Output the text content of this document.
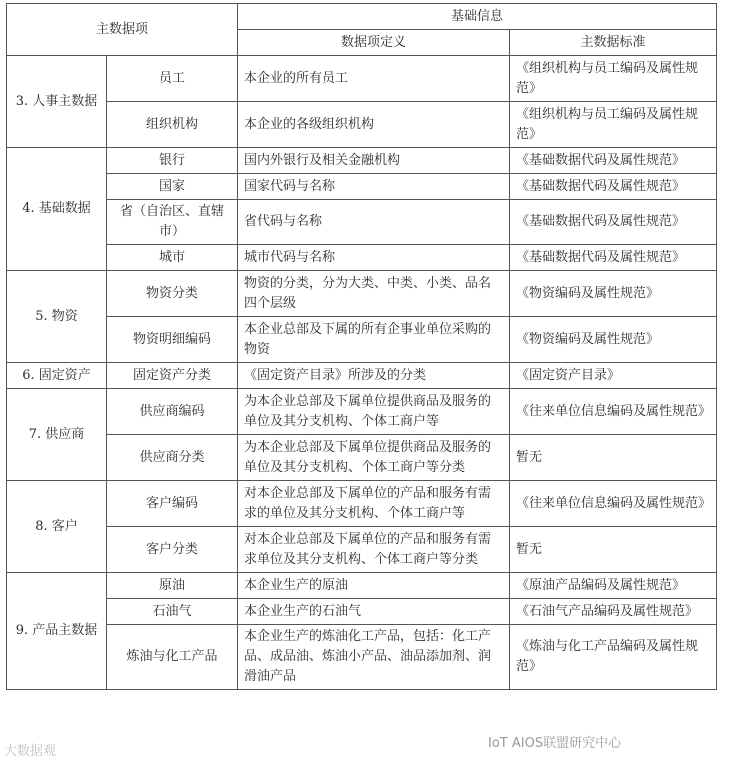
主数据项		基础信息	
		数据项定义	主数据标准
3. 人事主数据	员工	本企业的所有员工	《组织机构与员工编码及属性规范》
	组织机构	本企业的各级组织机构	《组织机构与员工编码及属性规范》
4. 基础数据	银行	国内外银行及相关金融机构	《基础数据代码及属性规范》
	国家	国家代码与名称	《基础数据代码及属性规范》
	省（自治区、直辖市）	省代码与名称	《基础数据代码及属性规范》
	城市	城市代码与名称	《基础数据代码及属性规范》
5. 物资	物资分类	物资的分类，分为大类、中类、小类、品名四个层级	《物资编码及属性规范》
	物资明细编码	本企业总部及下属的所有企事业单位采购的物资	《物资编码及属性规范》
6. 固定资产	固定资产分类	《固定资产目录》所涉及的分类	《固定资产目录》
7. 供应商	供应商编码	为本企业总部及下属单位提供商品及服务的单位及其分支机构、个体工商户等	《往来单位信息编码及属性规范》
	供应商分类	为本企业总部及下属单位提供商品及服务的单位及其分支机构、个体工商户等分类	暂无
8. 客户	客户编码	对本企业总部及下属单位的产品和服务有需求的单位及其分支机构、个体工商户等	《往来单位信息编码及属性规范》
	客户分类	对本企业总部及下属单位的产品和服务有需求单位及其分支机构、个体工商户等分类	暂无
9. 产品主数据	原油	本企业生产的原油	《原油产品编码及属性规范》
	石油气	本企业生产的石油气	《石油气产品编码及属性规范》
	炼油与化工产品	本企业生产的炼油化工产品，包括：化工产品、成品油、炼油小产品、油品添加剂、润滑油产品	《炼油与化工产品编码及属性规范》
大数据观
IoT AIOS联盟研究中心
